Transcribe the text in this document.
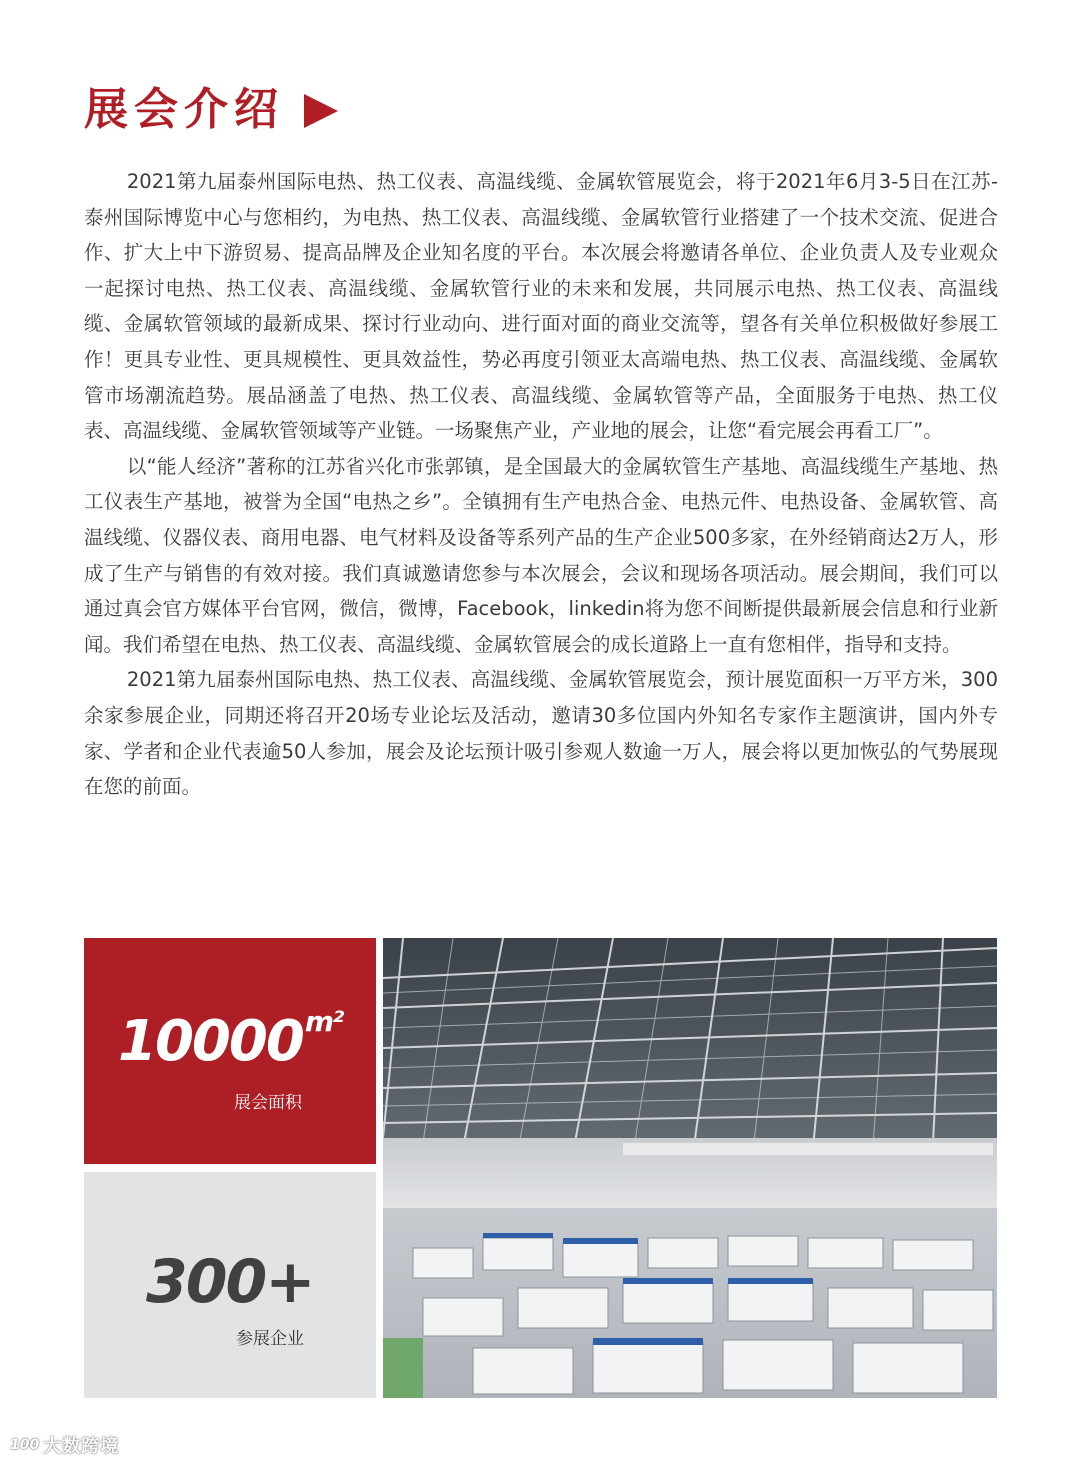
展会介绍

2021第九届泰州国际电热、热工仪表、高温线缆、金属软管展览会，将于2021年6月3-5日在江苏-泰州国际博览中心与您相约，为电热、热工仪表、高温线缆、金属软管行业搭建了一个技术交流、促进合作、扩大上中下游贸易、提高品牌及企业知名度的平台。本次展会将邀请各单位、企业负责人及专业观众一起探讨电热、热工仪表、高温线缆、金属软管行业的未来和发展，共同展示电热、热工仪表、高温线缆、金属软管领域的最新成果、探讨行业动向、进行面对面的商业交流等，望各有关单位积极做好参展工作！更具专业性、更具规模性、更具效益性，势必再度引领亚太高端电热、热工仪表、高温线缆、金属软管市场潮流趋势。展品涵盖了电热、热工仪表、高温线缆、金属软管等产品，全面服务于电热、热工仪表、高温线缆、金属软管领域等产业链。一场聚焦产业，产业地的展会，让您“看完展会再看工厂”。

以“能人经济”著称的江苏省兴化市张郭镇，是全国最大的金属软管生产基地、高温线缆生产基地、热工仪表生产基地，被誉为全国“电热之乡”。全镇拥有生产电热合金、电热元件、电热设备、金属软管、高温线缆、仪器仪表、商用电器、电气材料及设备等系列产品的生产企业500多家，在外经销商达2万人，形成了生产与销售的有效对接。我们真诚邀请您参与本次展会，会议和现场各项活动。展会期间，我们可以通过真会官方媒体平台官网，微信，微博，Facebook，linkedin将为您不间断提供最新展会信息和行业新闻。我们希望在电热、热工仪表、高温线缆、金属软管展会的成长道路上一直有您相伴，指导和支持。

2021第九届泰州国际电热、热工仪表、高温线缆、金属软管展览会，预计展览面积一万平方米，300余家参展企业，同期还将召开20场专业论坛及活动，邀请30多位国内外知名专家作主题演讲，国内外专家、学者和企业代表逾50人参加，展会及论坛预计吸引参观人数逾一万人，展会将以更加恢弘的气势展现在您的前面。

$10000^{m^2}$
展会面积
300+
参展企业
100 大数跨境
